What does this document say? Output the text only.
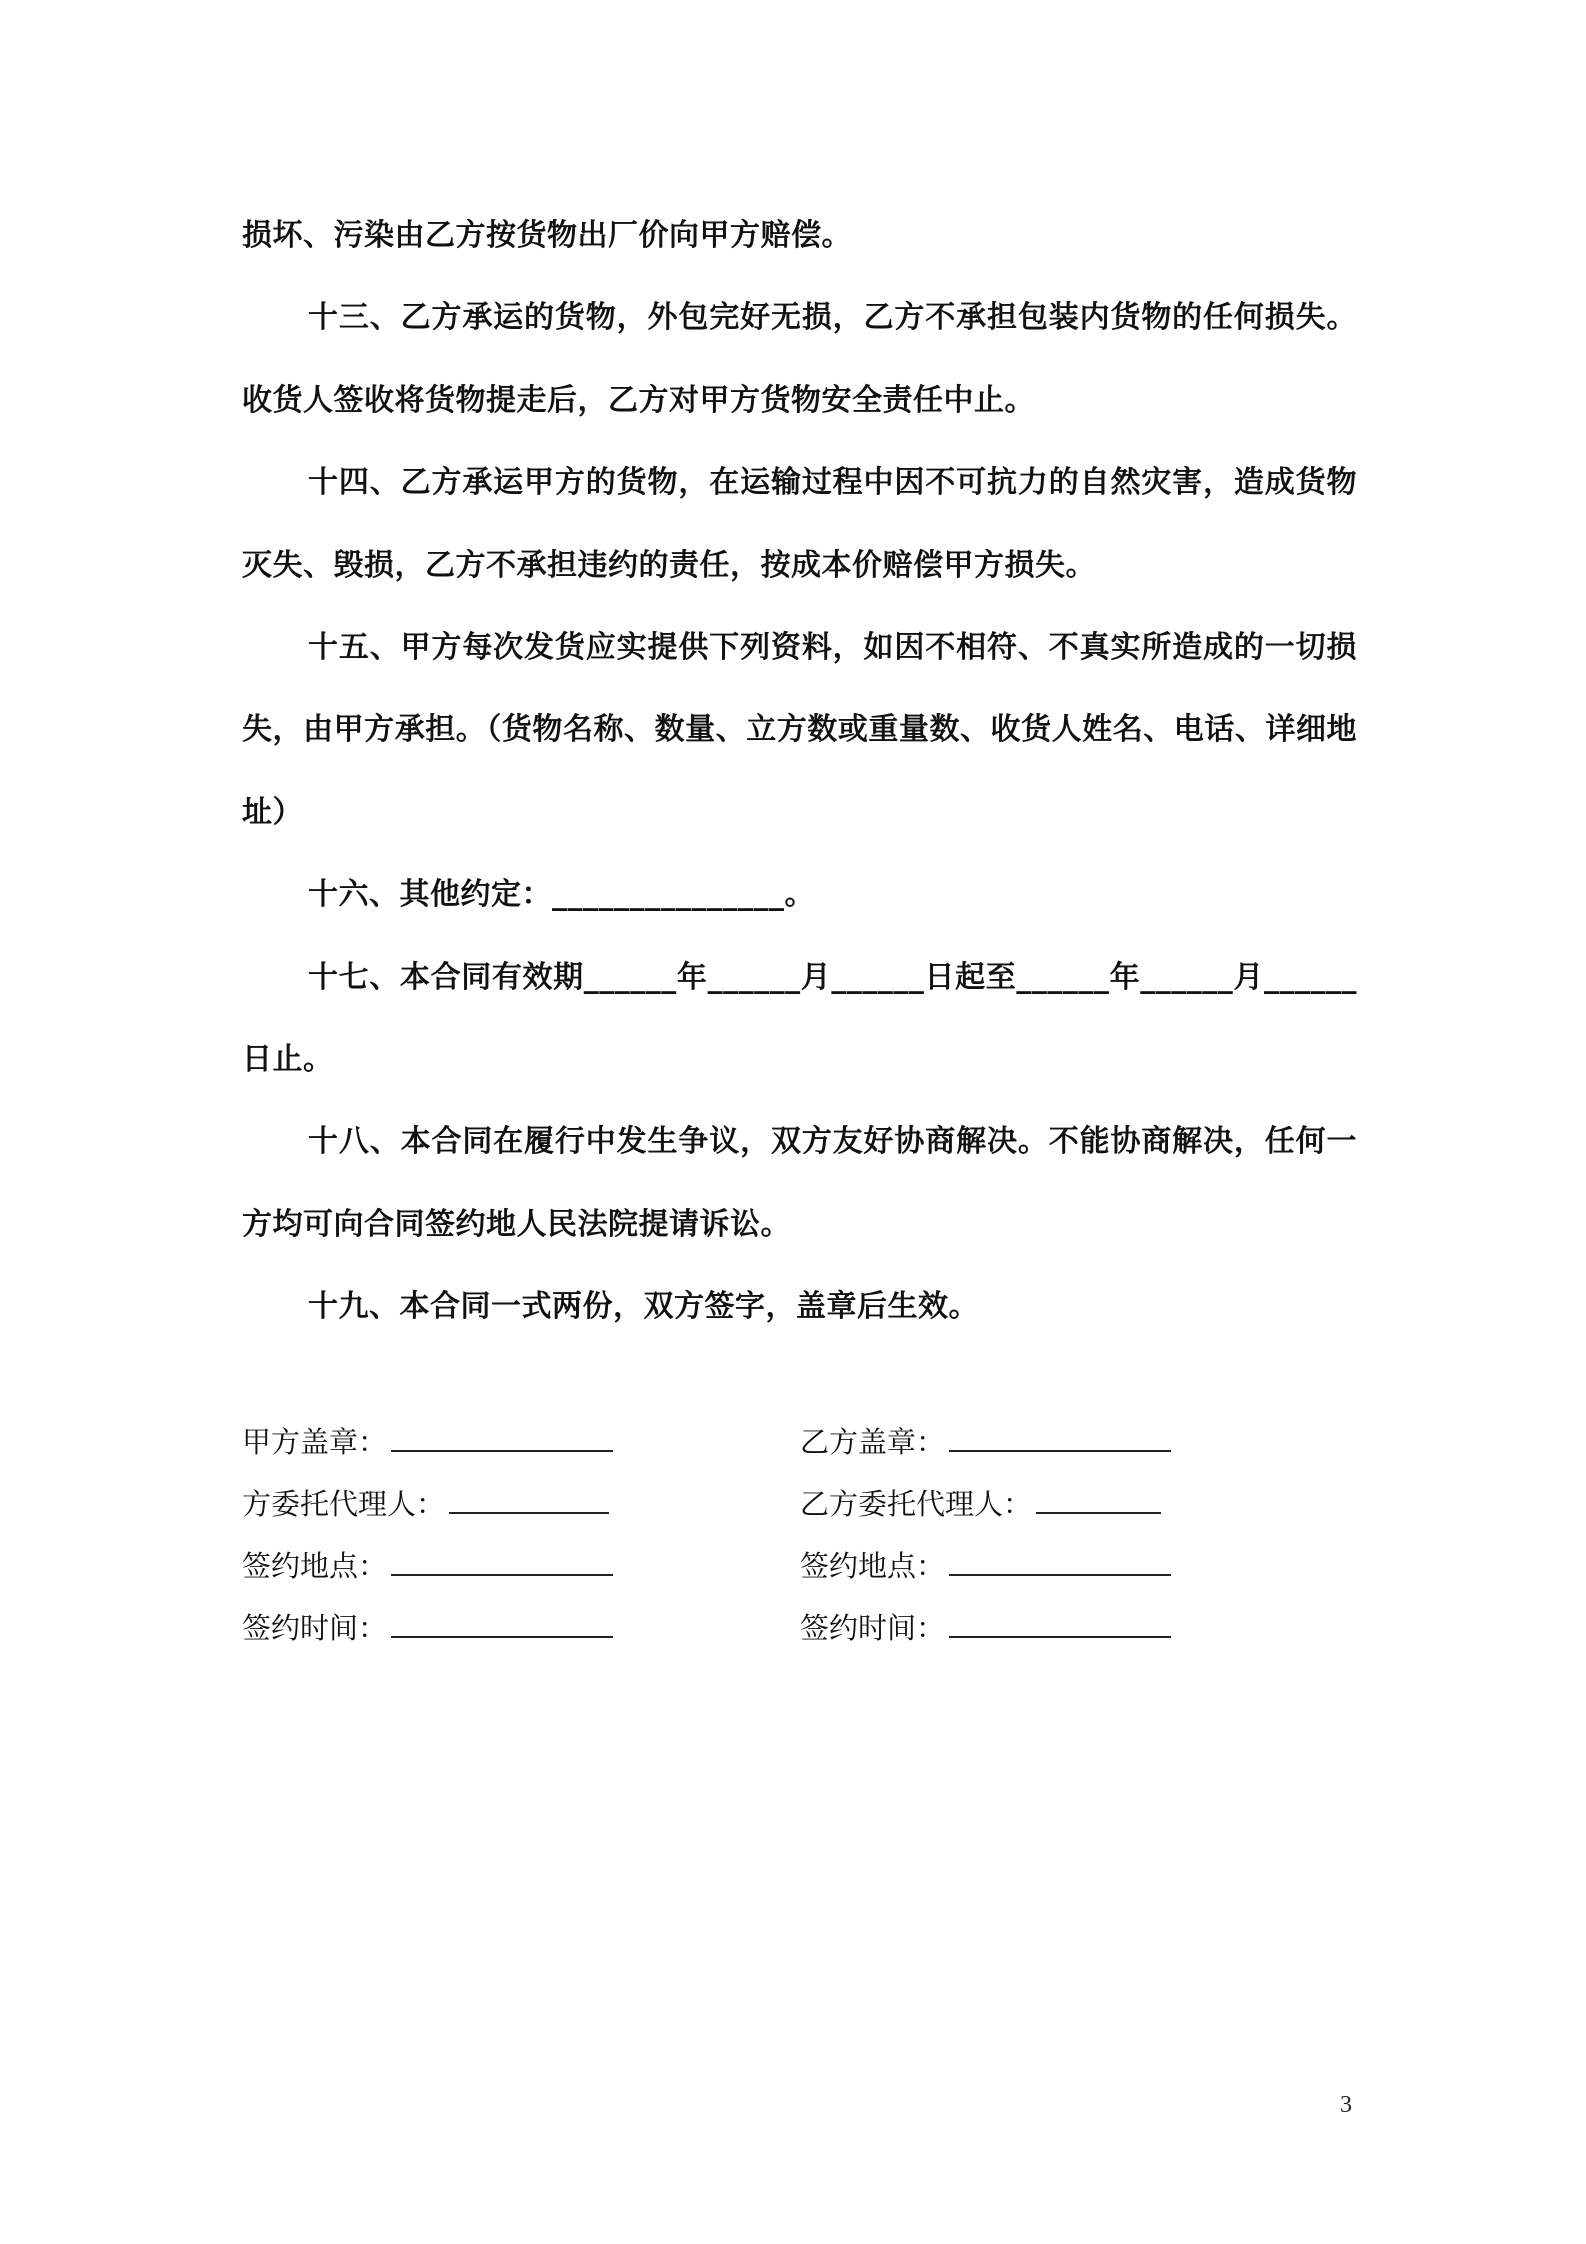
损坏、污染由乙方按货物出厂价向甲方赔偿。

十三、乙方承运的货物，外包完好无损，乙方不承担包装内货物的任何损失。收货人签收将货物提走后，乙方对甲方货物安全责任中止。

十四、乙方承运甲方的货物，在运输过程中因不可抗力的自然灾害，造成货物灭失、毁损，乙方不承担违约的责任，按成本价赔偿甲方损失。

十五、甲方每次发货应实提供下列资料，如因不相符、不真实所造成的一切损失，由甲方承担。（货物名称、数量、立方数或重量数、收货人姓名、电话、详细地址）

十六、其他约定：_______________。

十七、本合同有效期______年______月______日起至______年______月______日止。

十八、本合同在履行中发生争议，双方友好协商解决。不能协商解决，任何一方均可向合同签约地人民法院提请诉讼。

十九、本合同一式两份，双方签字，盖章后生效。

甲方盖章：	乙方盖章：
方委托代理人：	乙方委托代理人：
签约地点：	签约地点：
签约时间：	签约时间：
3
